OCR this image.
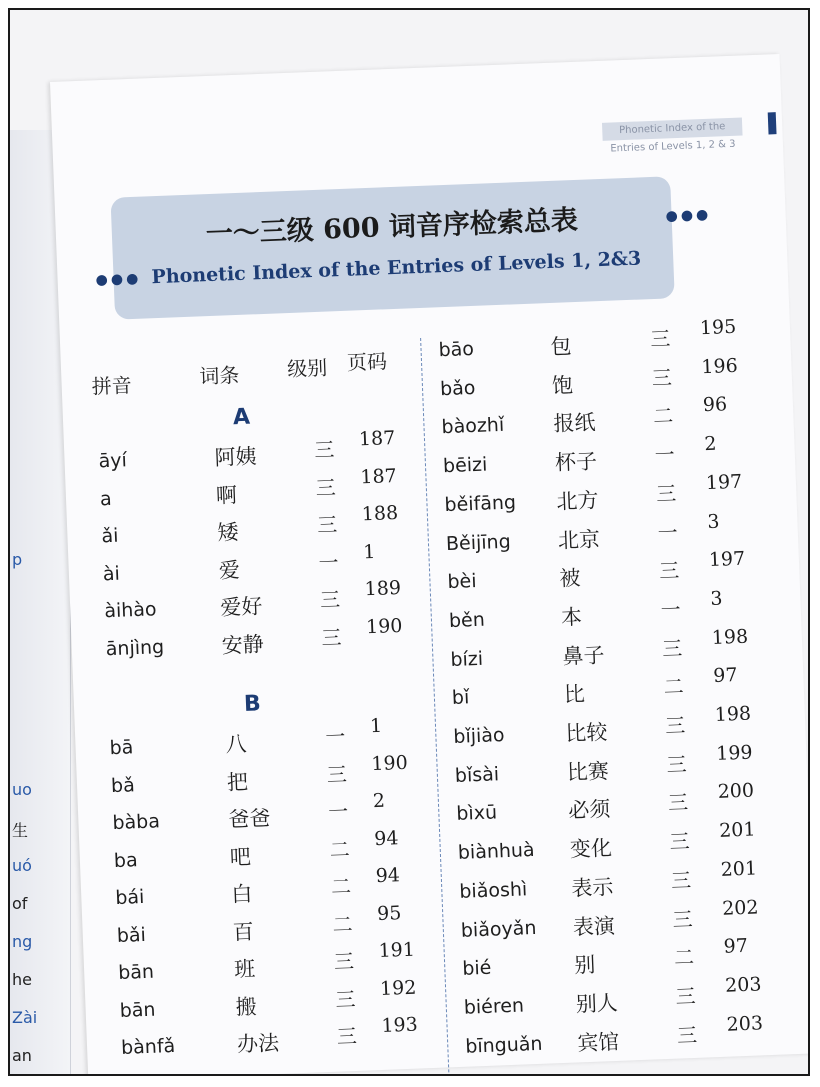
p
uo
生
uó
of
ng
he
Zài
an
Phonetic Index of the Entries of Levels 1, 2 & 3
一～三级 600 词音序检索总表
Phonetic Index of the Entries of Levels 1, 2&3
●●●
●●●
拼音	词条 级别 页码
A
āyí	阿姨	三 187
a	啊	三 187
ǎi	矮	三 188
ài	爱	一 1
àihào	爱好	三 189
ānjìng	安静	三 190
B
bā	八	一 1
bǎ	把	三 190
bàba	爸爸	一 2
ba	吧	二 94
bái	白	二 94
bǎi	百	二 95
bān	班	三 191
bān	搬	三 192
bànfǎ	办法	三 193
bāo	包	三 195
bǎo	饱	三 196
bàozhǐ 报纸	二 96
bēizi	杯子	一 2
běifāng 北方	三 197
Běijīng 北京	一 3
bèi	被	三 197
běn	本	一 3
bízi	鼻子	三 198
bǐ	比	二 97
bǐjiào	比较	三 198
bǐsài	比赛	三 199
bìxū	必须	三 200
biànhuà 变化	三 201
biǎoshì 表示	三 201
biǎoyǎn 表演	三 202
bié	别	二 97
biéren 别人	三 203
bīnguǎn 宾馆	三 203
